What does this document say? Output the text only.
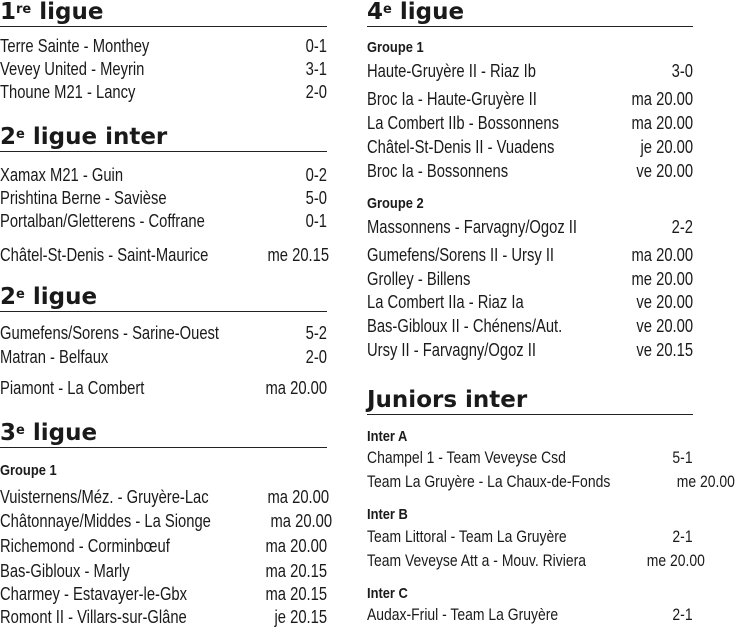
1re ligue
Terre Sainte - Monthey	0-1
Vevey United - Meyrin	3-1
Thoune M21 - Lancy	2-0
2e ligue inter
Xamax M21 - Guin	0-2
Prishtina Berne - Savièse	5-0
Portalban/Gletterens - Coffrane	0-1
Châtel-St-Denis - Saint-Maurice	me 20.15
2e ligue
Gumefens/Sorens - Sarine-Ouest	5-2
Matran - Belfaux	2-0
Piamont - La Combert	ma 20.00
3e ligue
Groupe 1
Vuisternens/Méz. - Gruyère-Lac	ma 20.00
Châtonnaye/Middes - La Sionge	ma 20.00
Richemond - Corminbœuf	ma 20.00
Bas-Gibloux - Marly	ma 20.15
Charmey - Estavayer-le-Gbx	ma 20.15
Romont II - Villars-sur-Glâne	je 20.15
4e ligue
Groupe 1
Haute-Gruyère II - Riaz Ib	3-0
Broc Ia - Haute-Gruyère II	ma 20.00
La Combert IIb - Bossonnens	ma 20.00
Châtel-St-Denis II - Vuadens	je 20.00
Broc Ia - Bossonnens	ve 20.00
Groupe 2
Massonnens - Farvagny/Ogoz II	2-2
Gumefens/Sorens II - Ursy II	ma 20.00
Grolley - Billens	me 20.00
La Combert IIa - Riaz Ia	ve 20.00
Bas-Gibloux II - Chénens/Aut.	ve 20.00
Ursy II - Farvagny/Ogoz II	ve 20.15
Juniors inter
Inter A
Champel 1 - Team Veveyse Csd	5-1
Team La Gruyère - La Chaux-de-Fonds	me 20.00
Inter B
Team Littoral - Team La Gruyère	2-1
Team Veveyse Att a - Mouv. Riviera	me 20.00
Inter C
Audax-Friul - Team La Gruyère	2-1
